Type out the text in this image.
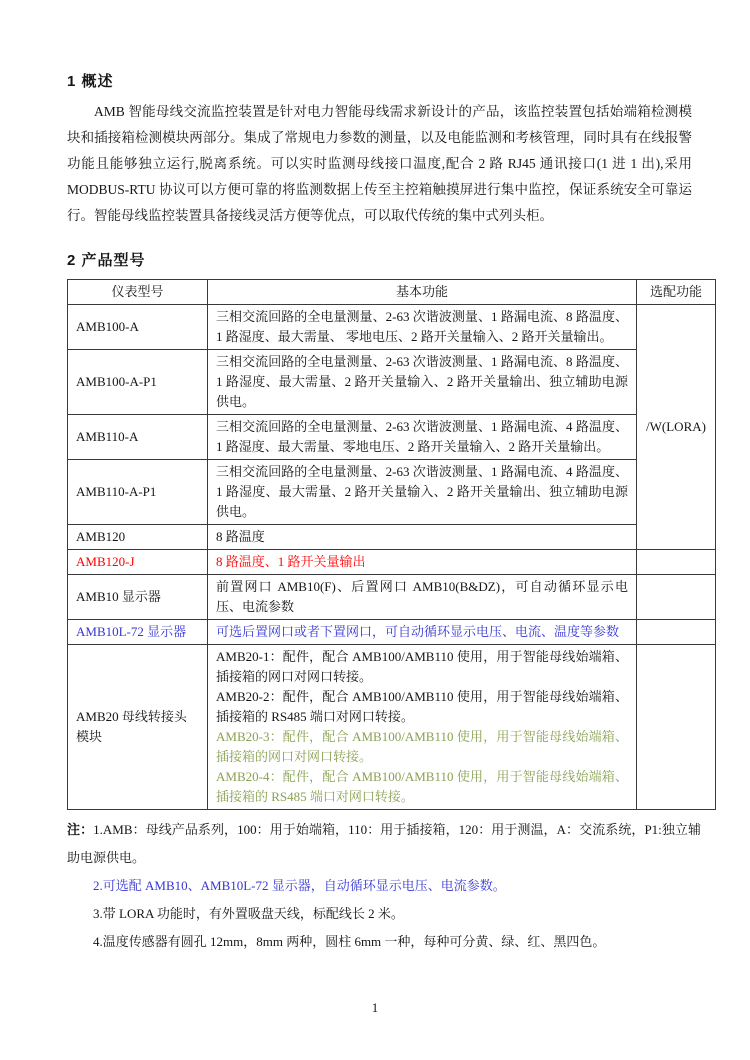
1 概述

AMB 智能母线交流监控装置是针对电力智能母线需求新设计的产品，该监控装置包括始端箱检测模块和插接箱检测模块两部分。集成了常规电力参数的测量，以及电能监测和考核管理，同时具有在线报警功能且能够独立运行,脱离系统。可以实时监测母线接口温度,配合 2 路 RJ45 通讯接口(1 进 1 出),采用 MODBUS-RTU 协议可以方便可靠的将监测数据上传至主控箱触摸屏进行集中监控，保证系统安全可靠运行。智能母线监控装置具备接线灵活方便等优点，可以取代传统的集中式列头柜。

2 产品型号
仪表型号	基本功能	选配功能
AMB100-A	三相交流回路的全电量测量、2-63 次谐波测量、1 路漏电流、8 路温度、1 路湿度、最大需量、 零地电压、2 路开关量输入、2 路开关量输出。	/W(LORA)
AMB100-A-P1	三相交流回路的全电量测量、2-63 次谐波测量、1 路漏电流、8 路温度、1 路湿度、最大需量、2 路开关量输入、2 路开关量输出、独立辅助电源供电。	
AMB110-A	三相交流回路的全电量测量、2-63 次谐波测量、1 路漏电流、4 路温度、1 路湿度、最大需量、零地电压、2 路开关量输入、2 路开关量输出。	
AMB110-A-P1	三相交流回路的全电量测量、2-63 次谐波测量、1 路漏电流、4 路温度、1 路湿度、最大需量、2 路开关量输入、2 路开关量输出、独立辅助电源供电。	
AMB120	8 路温度	
AMB120-J	8 路温度、1 路开关量输出	
AMB10 显示器	前置网口 AMB10(F)、后置网口 AMB10(B&DZ)，可自动循环显示电压、电流参数	
AMB10L-72 显示器	可选后置网口或者下置网口，可自动循环显示电压、电流、温度等参数	
AMB20 母线转接头模块	AMB20-1：配件，配合 AMB100/AMB110 使用，用于智能母线始端箱、插接箱的网口对网口转接。

AMB20-2：配件，配合 AMB100/AMB110 使用，用于智能母线始端箱、插接箱的 RS485 端口对网口转接。

AMB20-3：配件，配合 AMB100/AMB110 使用，用于智能母线始端箱、插接箱的网口对网口转接。

AMB20-4：配件，配合 AMB100/AMB110 使用，用于智能母线始端箱、插接箱的 RS485 端口对网口转接。	

注：1.AMB：母线产品系列，100：用于始端箱，110：用于插接箱，120：用于测温，A：交流系统，P1:独立辅助电源供电。
2.可选配 AMB10、AMB10L-72 显示器，自动循环显示电压、电流参数。
3.带 LORA 功能时，有外置吸盘天线，标配线长 2 米。
4.温度传感器有圆孔 12mm，8mm 两种，圆柱 6mm 一种，每种可分黄、绿、红、黑四色。
1
